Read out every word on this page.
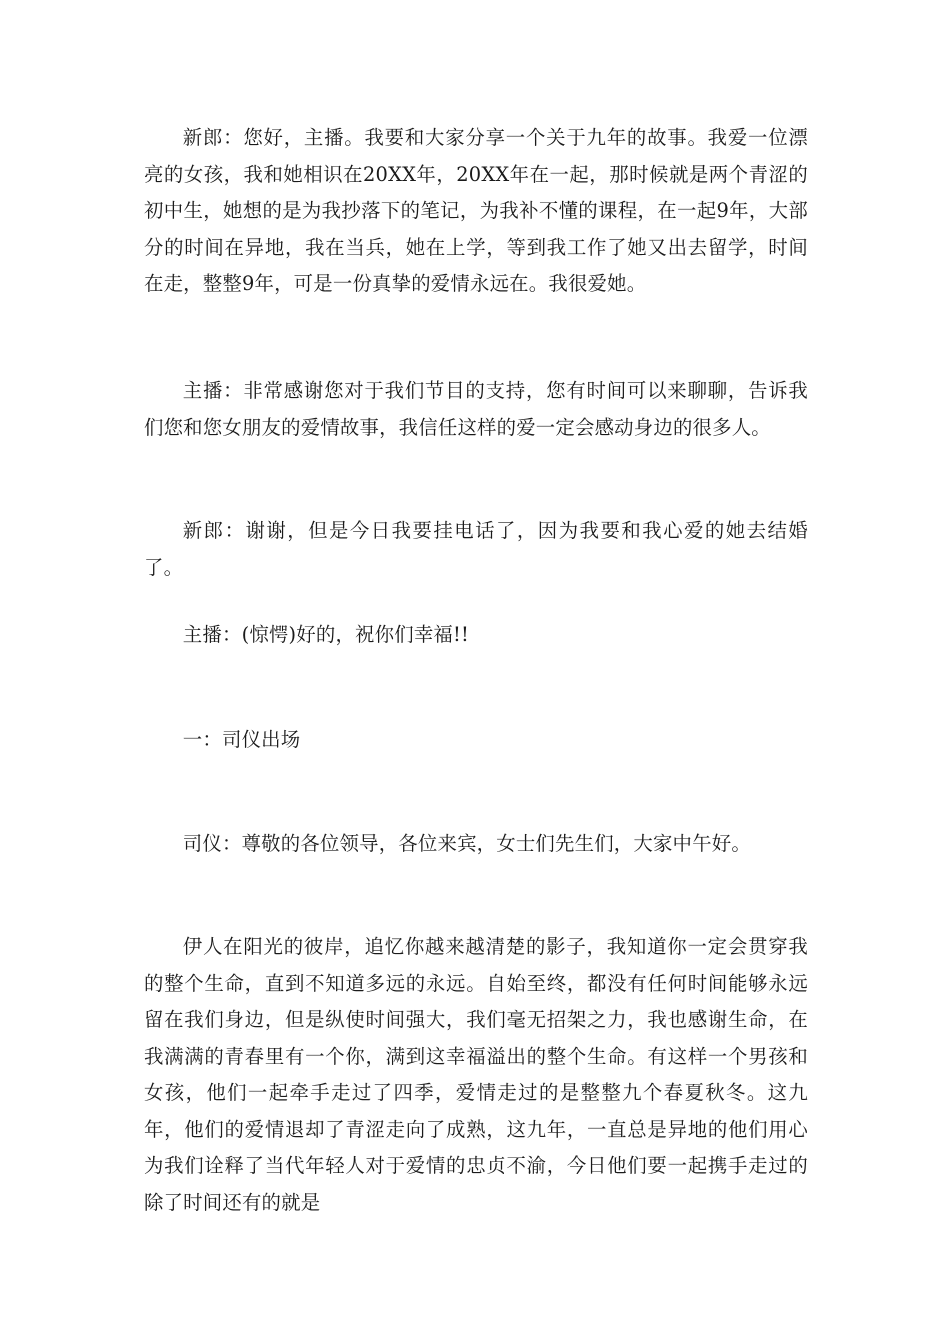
新郎：您好，主播。我要和大家分享一个关于九年的故事。我爱一位漂亮的女孩，我和她相识在20XX年，20XX年在一起，那时候就是两个青涩的初中生，她想的是为我抄落下的笔记，为我补不懂的课程，在一起9年，大部分的时间在异地，我在当兵，她在上学，等到我工作了她又出去留学，时间在走，整整9年，可是一份真挚的爱情永远在。我很爱她。

主播：非常感谢您对于我们节目的支持，您有时间可以来聊聊，告诉我们您和您女朋友的爱情故事，我信任这样的爱一定会感动身边的很多人。

新郎：谢谢，但是今日我要挂电话了，因为我要和我心爱的她去结婚了。

主播：(惊愕)好的，祝你们幸福!!

一：司仪出场

司仪：尊敬的各位领导，各位来宾，女士们先生们，大家中午好。

伊人在阳光的彼岸，追忆你越来越清楚的影子，我知道你一定会贯穿我的整个生命，直到不知道多远的永远。自始至终，都没有任何时间能够永远留在我们身边，但是纵使时间强大，我们毫无招架之力，我也感谢生命，在我满满的青春里有一个你，满到这幸福溢出的整个生命。有这样一个男孩和女孩，他们一起牵手走过了四季，爱情走过的是整整九个春夏秋冬。这九年，他们的爱情退却了青涩走向了成熟，这九年，一直总是异地的他们用心为我们诠释了当代年轻人对于爱情的忠贞不渝，今日他们要一起携手走过的除了时间还有的就是
